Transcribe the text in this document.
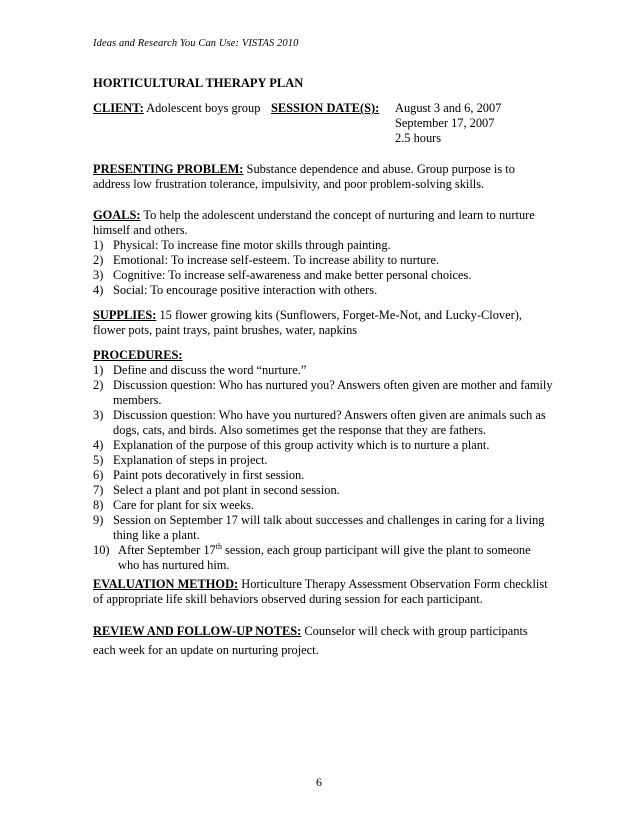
Ideas and Research You Can Use: VISTAS 2010
HORTICULTURAL THERAPY PLAN
CLIENT: Adolescent boys group SESSION DATE(S): August 3 and 6, 2007
September 17, 2007
2.5 hours
PRESENTING PROBLEM: Substance dependence and abuse. Group purpose is to address low frustration tolerance, impulsivity, and poor problem-solving skills.
GOALS: To help the adolescent understand the concept of nurturing and learn to nurture himself and others.
1) Physical: To increase fine motor skills through painting.
2) Emotional: To increase self-esteem. To increase ability to nurture.
3) Cognitive: To increase self-awareness and make better personal choices.
4) Social: To encourage positive interaction with others.
SUPPLIES: 15 flower growing kits (Sunflowers, Forget-Me-Not, and Lucky-Clover), flower pots, paint trays, paint brushes, water, napkins
PROCEDURES:
1) Define and discuss the word “nurture.”
2) Discussion question: Who has nurtured you? Answers often given are mother and family members.
3) Discussion question: Who have you nurtured? Answers often given are animals such as dogs, cats, and birds. Also sometimes get the response that they are fathers.
4) Explanation of the purpose of this group activity which is to nurture a plant.
5) Explanation of steps in project.
6) Paint pots decoratively in first session.
7) Select a plant and pot plant in second session.
8) Care for plant for six weeks.
9) Session on September 17 will talk about successes and challenges in caring for a living thing like a plant.
10) After September 17th session, each group participant will give the plant to someone who has nurtured him.
EVALUATION METHOD: Horticulture Therapy Assessment Observation Form checklist of appropriate life skill behaviors observed during session for each participant.
REVIEW AND FOLLOW-UP NOTES: Counselor will check with group participants each week for an update on nurturing project.
6
